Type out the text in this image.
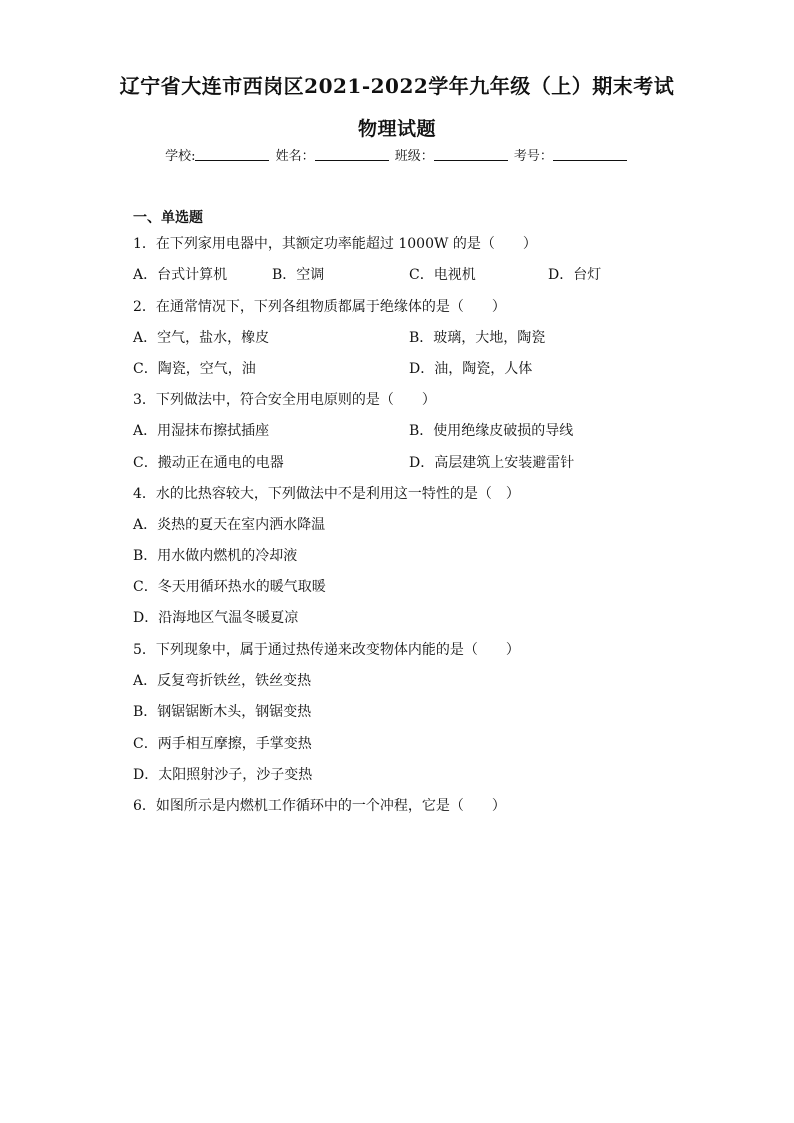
辽宁省大连市西岗区2021-2022学年九年级（上）期末考试
物理试题
学校:	姓名：	班级：	考号：
一、单选题
1．在下列家用电器中，其额定功率能超过 1000W 的是（　　）
A．台式计算机	B．空调	C．电视机	D．台灯
2．在通常情况下，下列各组物质都属于绝缘体的是（　　）
A．空气，盐水，橡皮	B．玻璃，大地，陶瓷
C．陶瓷，空气，油	D．油，陶瓷，人体
3．下列做法中，符合安全用电原则的是（　　）
A．用湿抹布擦拭插座	B．使用绝缘皮破损的导线
C．搬动正在通电的电器	D．高层建筑上安装避雷针
4．水的比热容较大，下列做法中不是利用这一特性的是（　）
A．炎热的夏天在室内洒水降温
B．用水做内燃机的冷却液
C．冬天用循环热水的暖气取暖
D．沿海地区气温冬暖夏凉
5．下列现象中，属于通过热传递来改变物体内能的是（　　）
A．反复弯折铁丝，铁丝变热
B．钢锯锯断木头，钢锯变热
C．两手相互摩擦，手掌变热
D．太阳照射沙子，沙子变热
6．如图所示是内燃机工作循环中的一个冲程，它是（　　）
